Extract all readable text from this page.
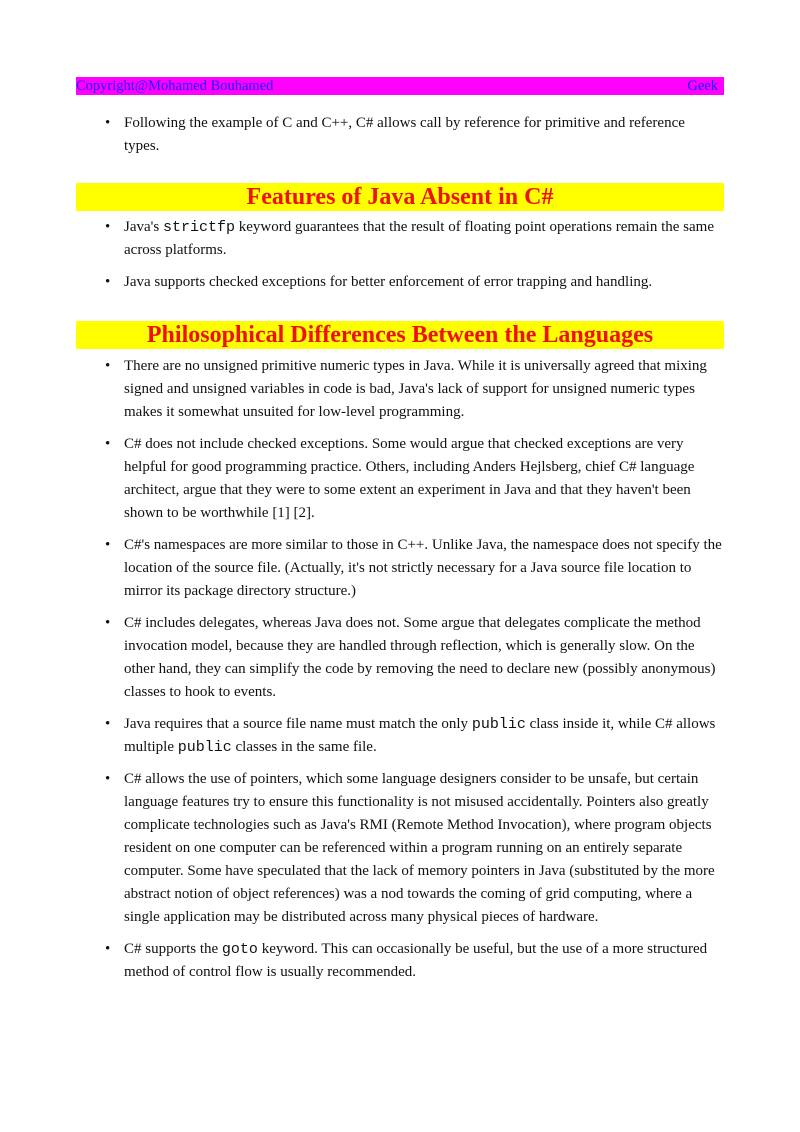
Copyright@Mohamed Bouhamed	Geek
• Following the example of C and C++, C# allows call by reference for primitive and reference types.
Features of Java Absent in C#
• Java's strictfp keyword guarantees that the result of floating point operations remain the same across platforms.
• Java supports checked exceptions for better enforcement of error trapping and handling.
Philosophical Differences Between the Languages
• There are no unsigned primitive numeric types in Java. While it is universally agreed that mixing signed and unsigned variables in code is bad, Java's lack of support for unsigned numeric types makes it somewhat unsuited for low-level programming.
• C# does not include checked exceptions. Some would argue that checked exceptions are very helpful for good programming practice. Others, including Anders Hejlsberg, chief C# language architect, argue that they were to some extent an experiment in Java and that they haven't been shown to be worthwhile [1] [2].
• C#'s namespaces are more similar to those in C++. Unlike Java, the namespace does not specify the location of the source file. (Actually, it's not strictly necessary for a Java source file location to mirror its package directory structure.)
• C# includes delegates, whereas Java does not. Some argue that delegates complicate the method invocation model, because they are handled through reflection, which is generally slow. On the other hand, they can simplify the code by removing the need to declare new (possibly anonymous) classes to hook to events.
• Java requires that a source file name must match the only public class inside it, while C# allows multiple public classes in the same file.
• C# allows the use of pointers, which some language designers consider to be unsafe, but certain language features try to ensure this functionality is not misused accidentally. Pointers also greatly complicate technologies such as Java's RMI (Remote Method Invocation), where program objects resident on one computer can be referenced within a program running on an entirely separate computer. Some have speculated that the lack of memory pointers in Java (substituted by the more abstract notion of object references) was a nod towards the coming of grid computing, where a single application may be distributed across many physical pieces of hardware.
• C# supports the goto keyword. This can occasionally be useful, but the use of a more structured method of control flow is usually recommended.
